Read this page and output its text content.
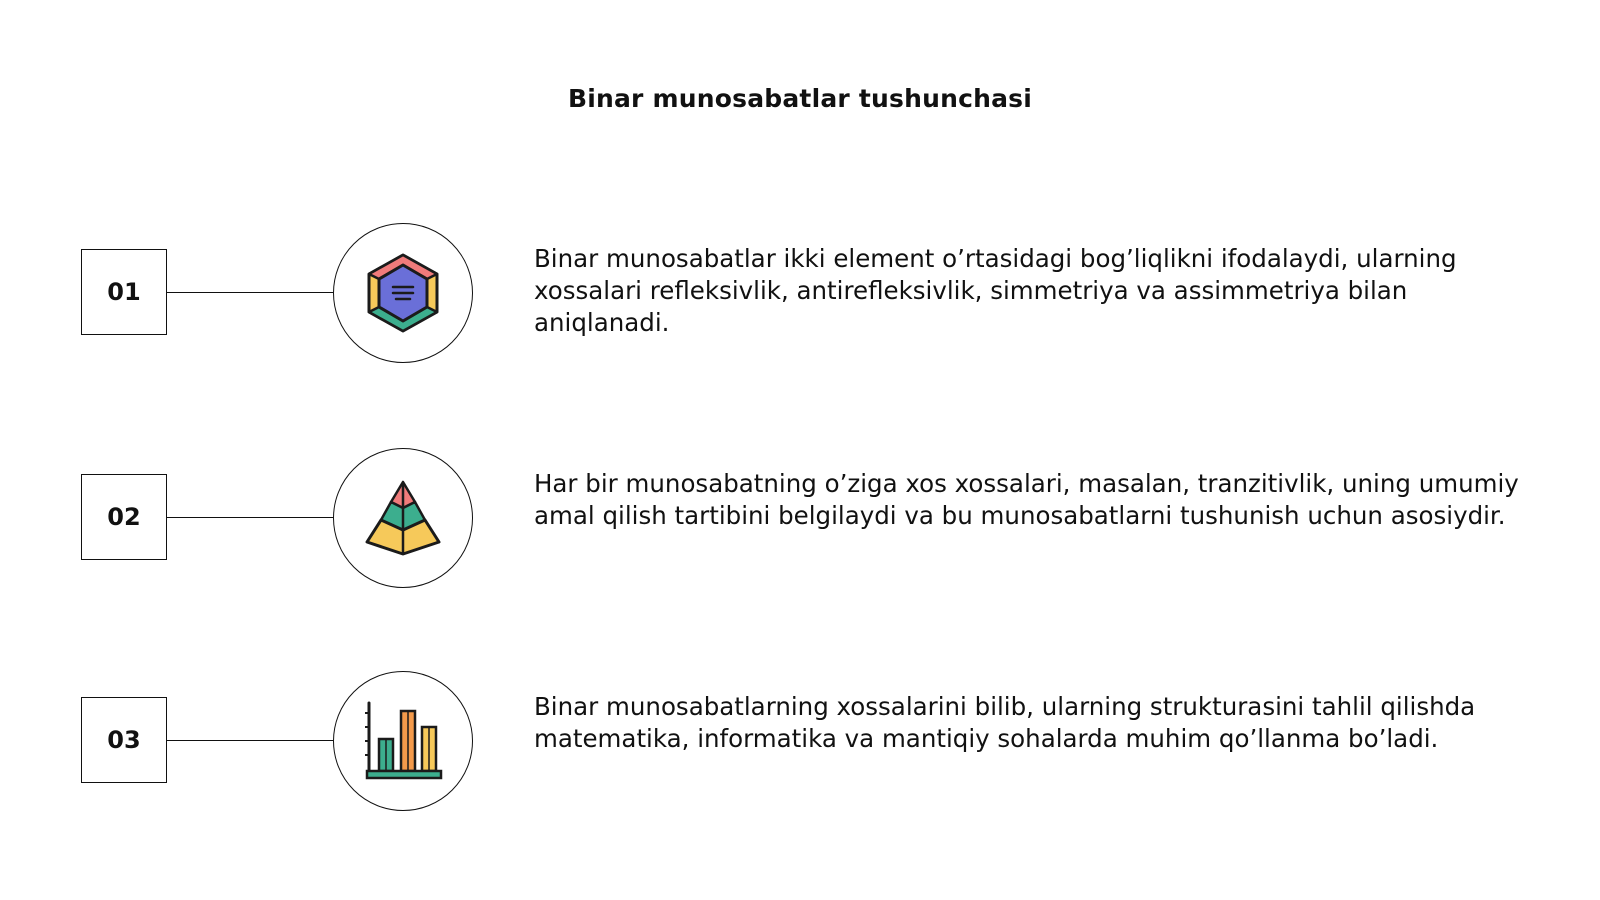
Binar munosabatlar tushunchasi
01
Binar munosabatlar ikki element o’rtasidagi bog’liqlikni ifodalaydi, ularning xossalari refleksivlik, antirefleksivlik, simmetriya va assimmetriya bilan aniqlanadi.
02
Har bir munosabatning o’ziga xos xossalari, masalan, tranzitivlik, uning umumiy amal qilish tartibini belgilaydi va bu munosabatlarni tushunish uchun asosiydir.
03
Binar munosabatlarning xossalarini bilib, ularning strukturasini tahlil qilishda matematika, informatika va mantiqiy sohalarda muhim qo’llanma bo’ladi.
